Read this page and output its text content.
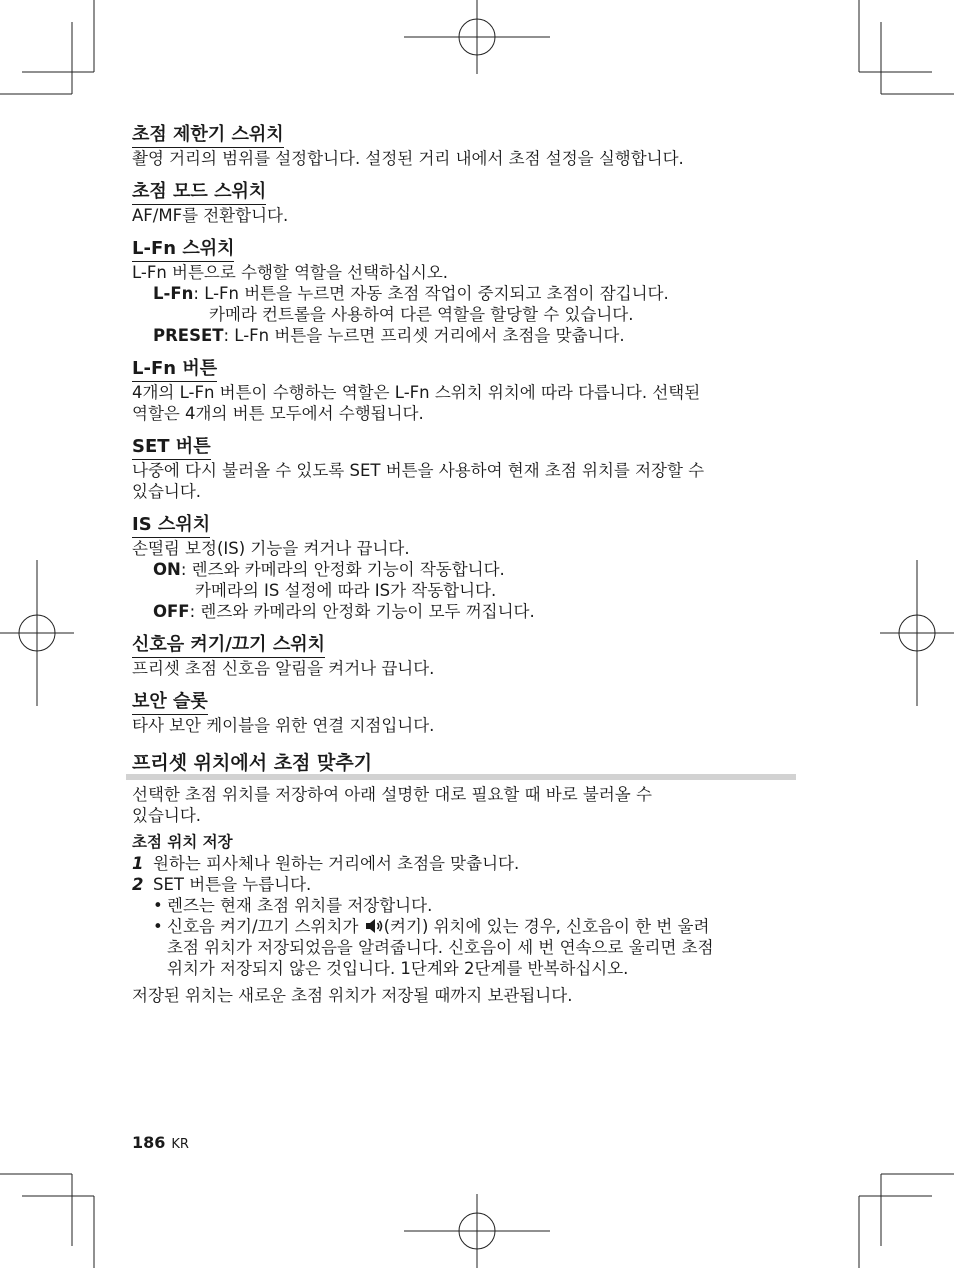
초점 제한기 스위치
촬영 거리의 범위를 설정합니다. 설정된 거리 내에서 초점 설정을 실행합니다.
초점 모드 스위치
AF/MF를 전환합니다.
L-Fn 스위치
L-Fn 버튼으로 수행할 역할을 선택하십시오.
L-Fn: L-Fn 버튼을 누르면 자동 초점 작업이 중지되고 초점이 잠깁니다.
카메라 컨트롤을 사용하여 다른 역할을 할당할 수 있습니다.
PRESET: L-Fn 버튼을 누르면 프리셋 거리에서 초점을 맞춥니다.
L-Fn 버튼
4개의 L-Fn 버튼이 수행하는 역할은 L-Fn 스위치 위치에 따라 다릅니다. 선택된
역할은 4개의 버튼 모두에서 수행됩니다.
SET 버튼
나중에 다시 불러올 수 있도록 SET 버튼을 사용하여 현재 초점 위치를 저장할 수
있습니다.
IS 스위치
손떨림 보정(IS) 기능을 켜거나 끕니다.
ON: 렌즈와 카메라의 안정화 기능이 작동합니다.
카메라의 IS 설정에 따라 IS가 작동합니다.
OFF: 렌즈와 카메라의 안정화 기능이 모두 꺼집니다.
신호음 켜기/끄기 스위치
프리셋 초점 신호음 알림을 켜거나 끕니다.
보안 슬롯
타사 보안 케이블을 위한 연결 지점입니다.
프리셋 위치에서 초점 맞추기
선택한 초점 위치를 저장하여 아래 설명한 대로 필요할 때 바로 불러올 수
있습니다.
초점 위치 저장
1 원하는 피사체나 원하는 거리에서 초점을 맞춥니다.
2 SET 버튼을 누릅니다.
• 렌즈는 현재 초점 위치를 저장합니다.
• 신호음 켜기/끄기 스위치가 (켜기) 위치에 있는 경우, 신호음이 한 번 울려
초점 위치가 저장되었음을 알려줍니다. 신호음이 세 번 연속으로 울리면 초점
위치가 저장되지 않은 것입니다. 1단계와 2단계를 반복하십시오.
저장된 위치는 새로운 초점 위치가 저장될 때까지 보관됩니다.
186 KR
